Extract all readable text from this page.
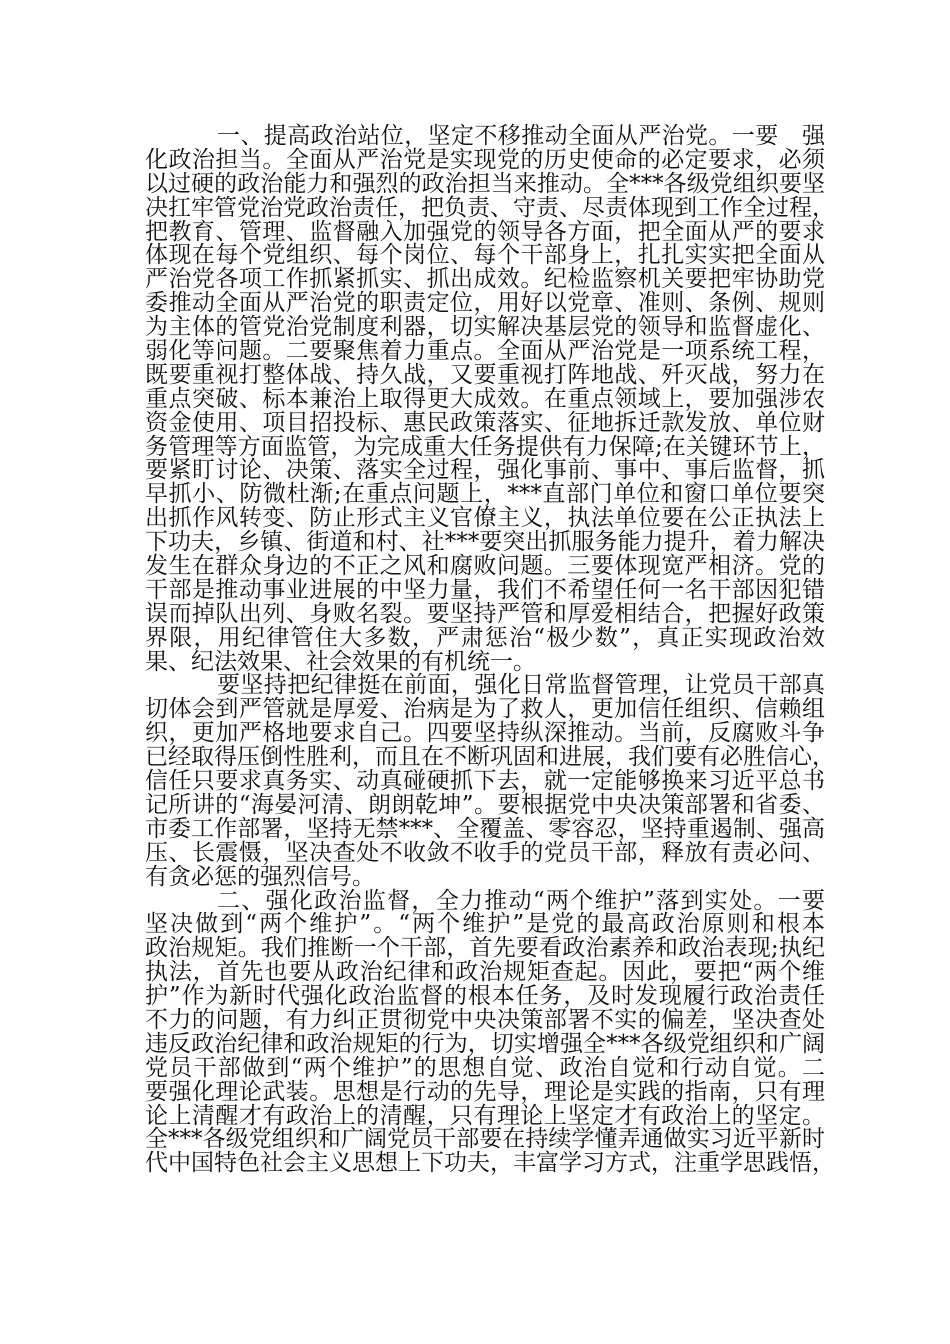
一、提高政治站位，坚定不移推动全面从严治党。一要　强
化政治担当。全面从严治党是实现党的历史使命的必定要求，必须
以过硬的政治能力和强烈的政治担当来推动。全***各级党组织要坚
决扛牢管党治党政治责任，把负责、守责、尽责体现到工作全过程，
把教育、管理、监督融入加强党的领导各方面，把全面从严的要求
体现在每个党组织、每个岗位、每个干部身上，扎扎实实把全面从
严治党各项工作抓紧抓实、抓出成效。纪检监察机关要把牢协助党
委推动全面从严治党的职责定位，用好以党章、准则、条例、规则
为主体的管党治党制度利器，切实解决基层党的领导和监督虚化、
弱化等问题。二要聚焦着力重点。全面从严治党是一项系统工程，
既要重视打整体战、持久战，又要重视打阵地战、歼灭战，努力在
重点突破、标本兼治上取得更大成效。在重点领域上，要加强涉农
资金使用、项目招投标、惠民政策落实、征地拆迁款发放、单位财
务管理等方面监管，为完成重大任务提供有力保障;在关键环节上，
要紧盯讨论、决策、落实全过程，强化事前、事中、事后监督，抓
早抓小、防微杜渐;在重点问题上，***直部门单位和窗口单位要突
出抓作风转变、防止形式主义官僚主义，执法单位要在公正执法上
下功夫，乡镇、街道和村、社***要突出抓服务能力提升，着力解决
发生在群众身边的不正之风和腐败问题。三要体现宽严相济。党的
干部是推动事业进展的中坚力量，我们不希望任何一名干部因犯错
误而掉队出列、身败名裂。要坚持严管和厚爱相结合，把握好政策
界限，用纪律管住大多数，严肃惩治“极少数”，真正实现政治效
果、纪法效果、社会效果的有机统一。
要坚持把纪律挺在前面，强化日常监督管理，让党员干部真
切体会到严管就是厚爱、治病是为了救人，更加信任组织、信赖组
织，更加严格地要求自己。四要坚持纵深推动。当前，反腐败斗争
已经取得压倒性胜利，而且在不断巩固和进展，我们要有必胜信心，
信任只要求真务实、动真碰硬抓下去，就一定能够换来习近平总书
记所讲的“海晏河清、朗朗乾坤”。要根据党中央决策部署和省委、
市委工作部署，坚持无禁***、全覆盖、零容忍，坚持重遏制、强高
压、长震慑，坚决查处不收敛不收手的党员干部，释放有责必问、
有贪必惩的强烈信号。
二、强化政治监督，全力推动“两个维护”落到实处。一要
坚决做到“两个维护”。“两个维护”是党的最高政治原则和根本
政治规矩。我们推断一个干部，首先要看政治素养和政治表现;执纪
执法，首先也要从政治纪律和政治规矩查起。因此，要把“两个维
护”作为新时代强化政治监督的根本任务，及时发现履行政治责任
不力的问题，有力纠正贯彻党中央决策部署不实的偏差，坚决查处
违反政治纪律和政治规矩的行为，切实增强全***各级党组织和广阔
党员干部做到“两个维护”的思想自觉、政治自觉和行动自觉。二
要强化理论武装。思想是行动的先导，理论是实践的指南，只有理
论上清醒才有政治上的清醒，只有理论上坚定才有政治上的坚定。
全***各级党组织和广阔党员干部要在持续学懂弄通做实习近平新时
代中国特色社会主义思想上下功夫，丰富学习方式，注重学思践悟，
